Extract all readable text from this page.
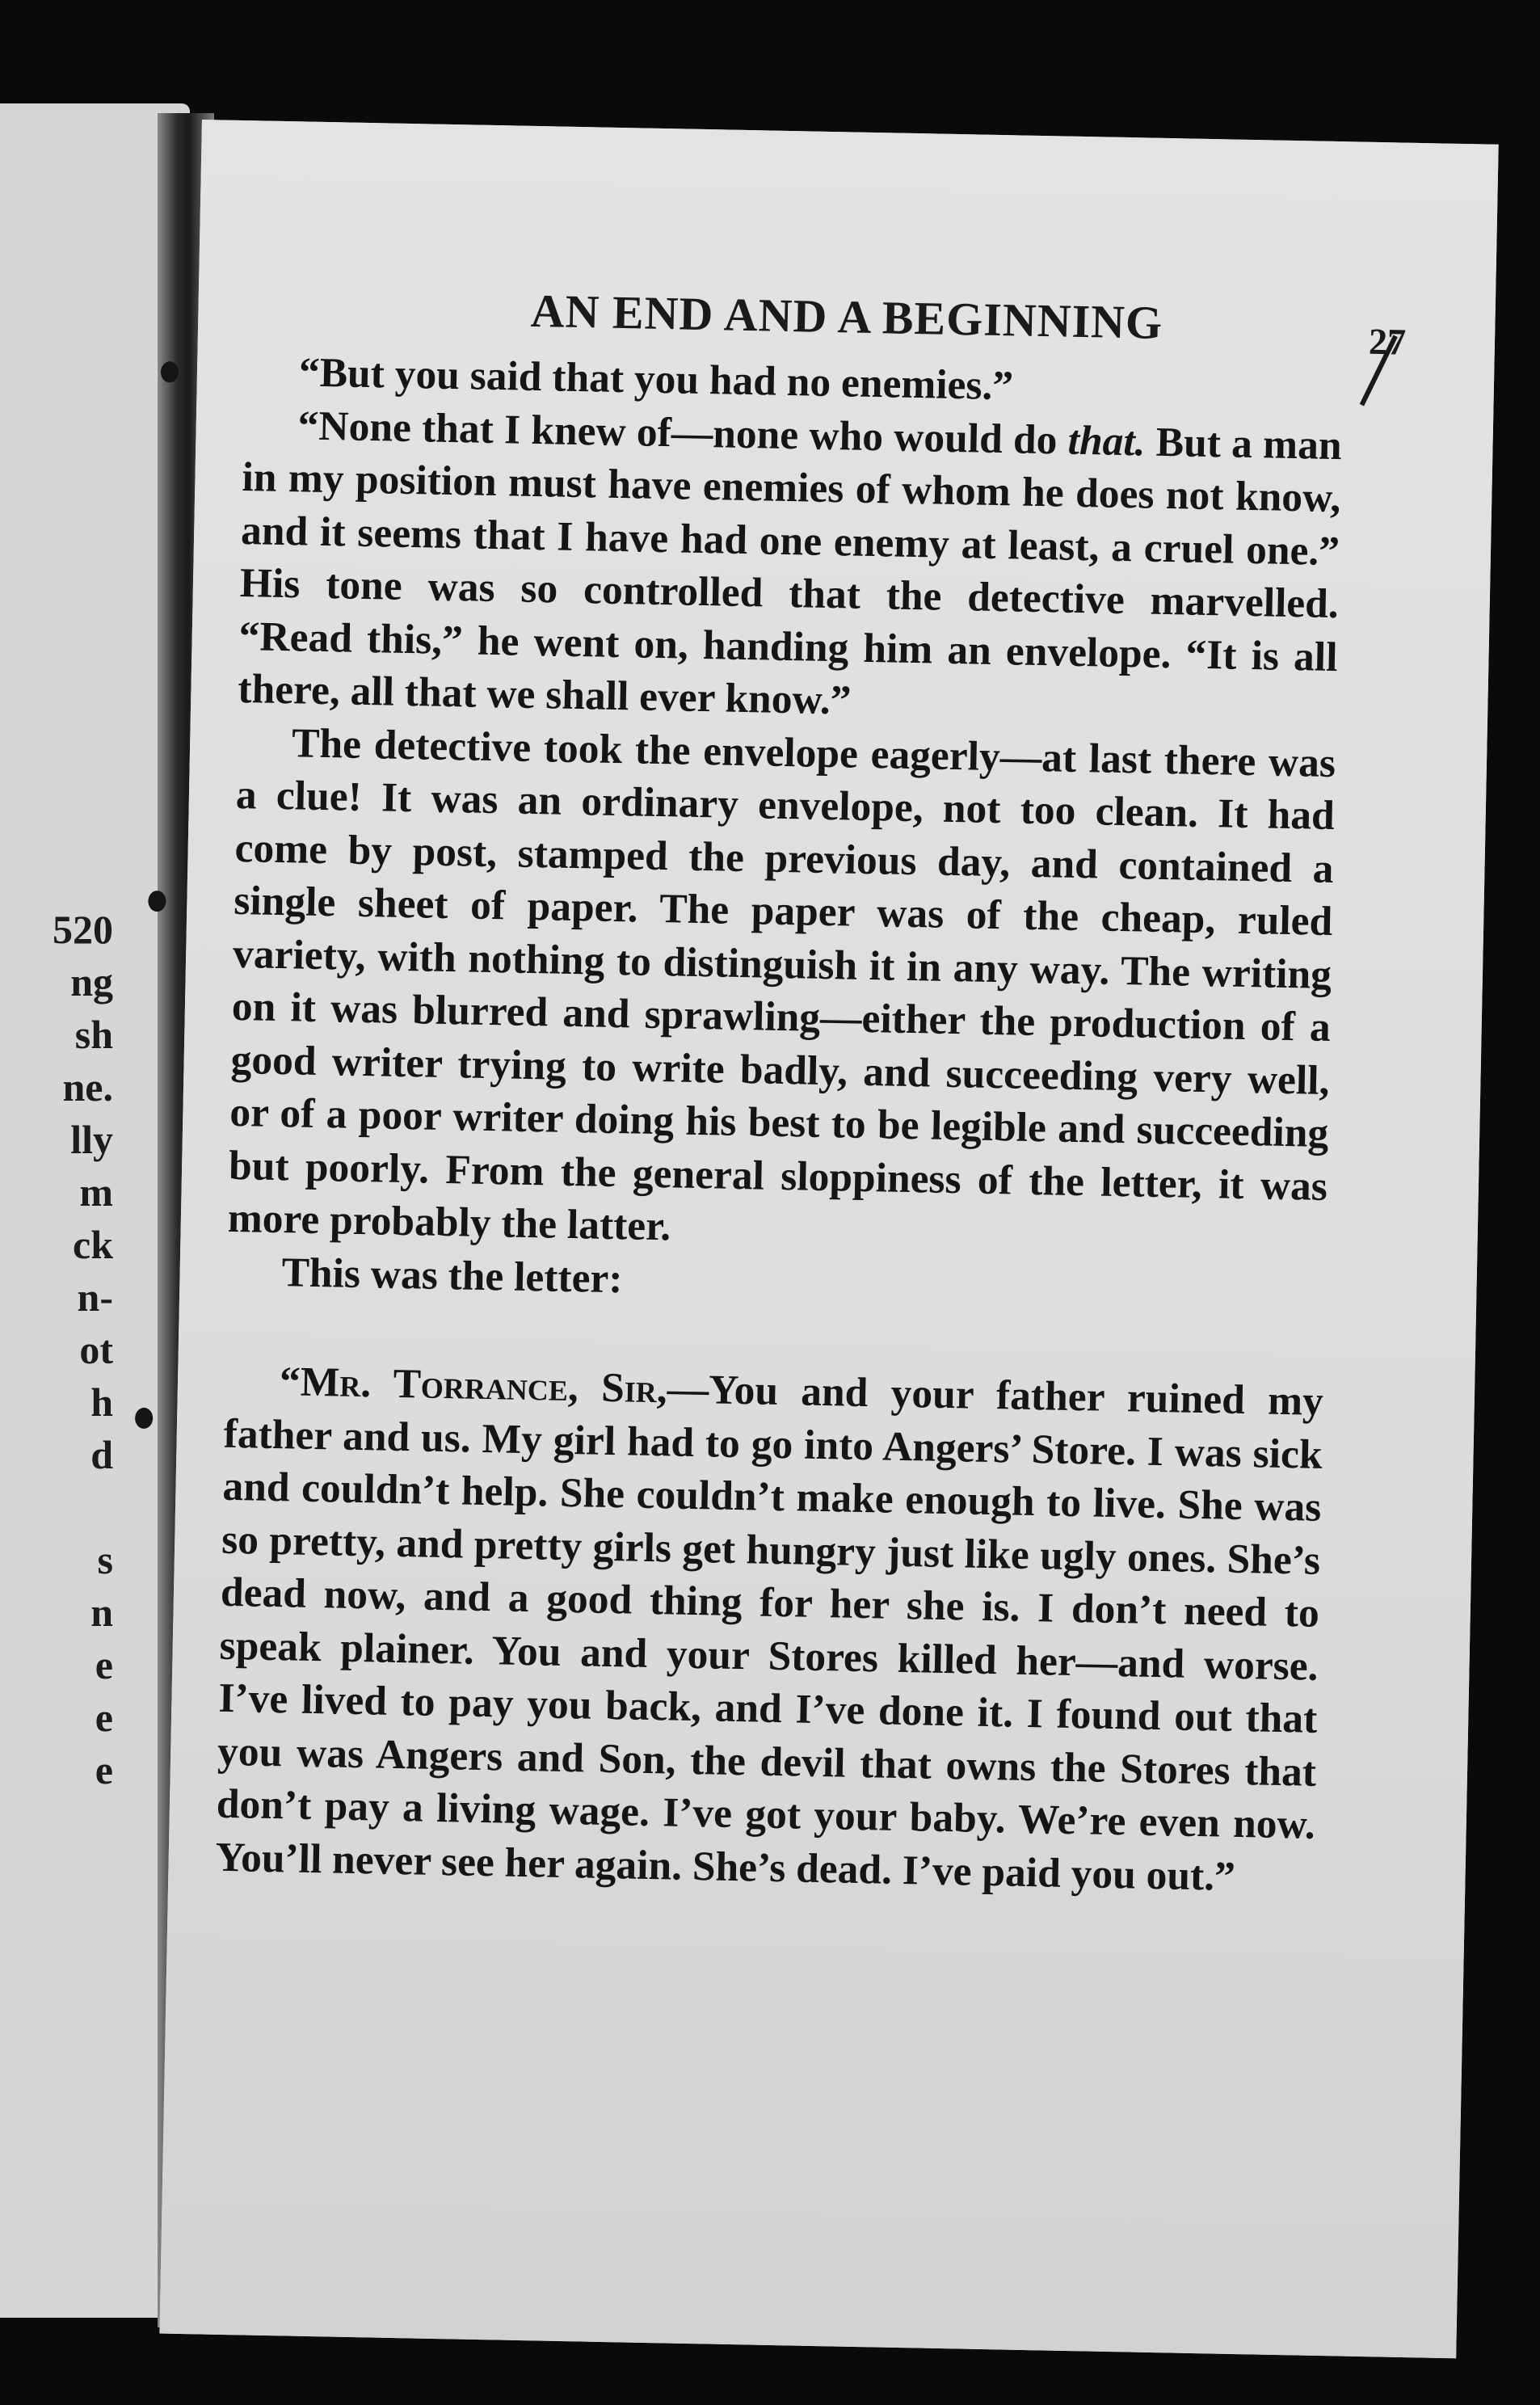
520
ng
sh
ne.
lly
m
ck
n-
ot
h
d

s
n
e
e
e
AN END AND A BEGINNING	27

“But you said that you had no enemies.”

“None that I knew of—none who would do that. But a man in my position must have enemies of whom he does not know, and it seems that I have had one enemy at least, a cruel one.” His tone was so controlled that the detective marvelled. “Read this,” he went on, handing him an envelope. “It is all there, all that we shall ever know.”

The detective took the envelope eagerly—at last there was a clue! It was an ordinary envelope, not too clean. It had come by post, stamped the previous day, and contained a single sheet of paper. The paper was of the cheap, ruled variety, with nothing to distinguish it in any way. The writing on it was blurred and sprawling—either the production of a good writer trying to write badly, and succeeding very well, or of a poor writer doing his best to be legible and succeeding but poorly. From the general sloppiness of the letter, it was more probably the latter.

This was the letter:

“Mr. Torrance, Sir,—You and your father ruined my father and us. My girl had to go into Angers’ Store. I was sick and couldn’t help. She couldn’t make enough to live. She was so pretty, and pretty girls get hungry just like ugly ones. She’s dead now, and a good thing for her she is. I don’t need to speak plainer. You and your Stores killed her—and worse. I’ve lived to pay you back, and I’ve done it. I found out that you was Angers and Son, the devil that owns the Stores that don’t pay a living wage. I’ve got your baby. We’re even now. You’ll never see her again. She’s dead. I’ve paid you out.”
